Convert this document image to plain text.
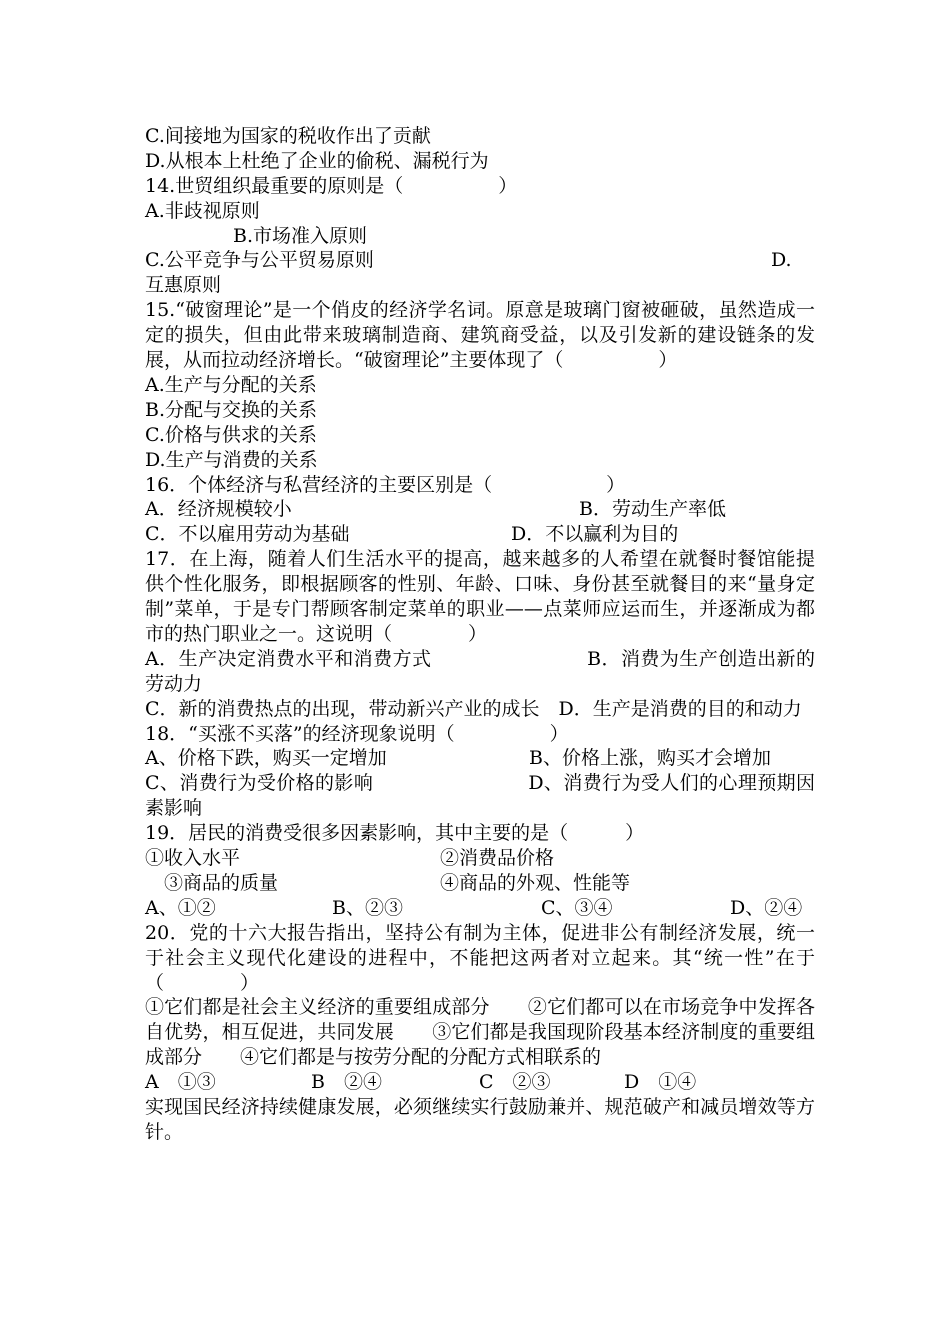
C.间接地为国家的税收作出了贡献
D.从根本上杜绝了企业的偷税、漏税行为
14.世贸组织最重要的原则是（　　　　　）
A.非歧视原则

B.市场准入原则

C.公平竞争与公平贸易原则

	D.

互惠原则
15.“破窗理论”是一个俏皮的经济学名词。原意是玻璃门窗被砸破，虽然造成一定的损失，但由此带来玻璃制造商、建筑商受益，以及引发新的建设链条的发展，从而拉动经济增长。“破窗理论”主要体现了（　　　　　）
A.生产与分配的关系
B.分配与交换的关系
C.价格与供求的关系
D.生产与消费的关系
16．个体经济与私营经济的主要区别是（　　　　　　）

A．经济规模较小

	B．劳动生产率低

C．不以雇用劳动为基础

	D．不以赢利为目的

17．在上海，随着人们生活水平的提高，越来越多的人希望在就餐时餐馆能提供个性化服务，即根据顾客的性别、年龄、口味、身份甚至就餐目的来“量身定制”菜单，于是专门帮顾客制定菜单的职业——点菜师应运而生，并逐渐成为都市的热门职业之一。这说明（　　　　）
A．生产决定消费水平和消费方式　　　　　　　　B．消费为生产创造出新的劳动力
C．新的消费热点的出现，带动新兴产业的成长　D．生产是消费的目的和动力
18．“买涨不买落”的经济现象说明（　　　　　）

A、价格下跌，购买一定增加

	B、价格上涨，购买才会增加

C、消费行为受价格的影响　　　　　　　　D、消费行为受人们的心理预期因素影响
19．居民的消费受很多因素影响，其中主要的是（　　　）

①收入水平

	②消费品价格

③商品的质量

	④商品的外观、性能等

A、①②

	B、②③

	C、③④

	D、②④

20．党的十六大报告指出，坚持公有制为主体，促进非公有制经济发展，统一于社会主义现代化建设的进程中，不能把这两者对立起来。其“统一性”在于（　　　　）
①它们都是社会主义经济的重要组成部分　　②它们都可以在市场竞争中发挥各自优势，相互促进，共同发展　　③它们都是我国现阶段基本经济制度的重要组成部分　　④它们都是与按劳分配的分配方式相联系的

A　①③

	B　②④

	C　②③

	D　①④

实现国民经济持续健康发展，必须继续实行鼓励兼并、规范破产和减员增效等方针。
